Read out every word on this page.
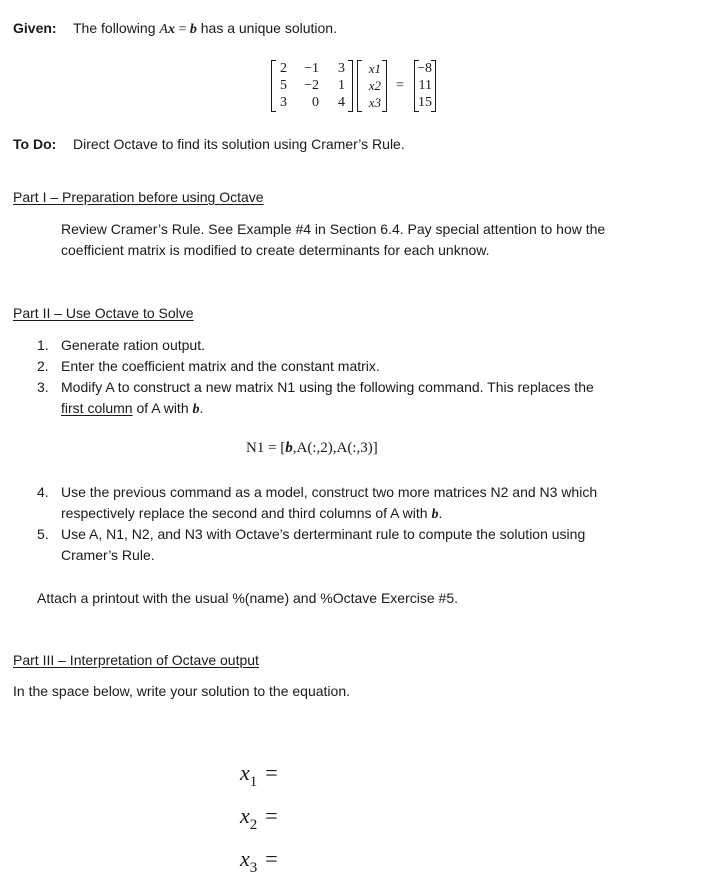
Given: The following Ax = b has a unique solution.
2	−1	3
5	−2	1
3	0	4
x1
x2
x3
=
−8
11
15
To Do: Direct Octave to find its solution using Cramer’s Rule.
Part I – Preparation before using Octave
Review Cramer’s Rule. See Example #4 in Section 6.4. Pay special attention to how the
coefficient matrix is modified to create determinants for each unknow.
Part II – Use Octave to Solve
1. Generate ration output.
2. Enter the coefficient matrix and the constant matrix.
3. Modify A to construct a new matrix N1 using the following command. This replaces the
first column of A with b.
N1 = [b,A(:,2),A(:,3)]
4. Use the previous command as a model, construct two more matrices N2 and N3 which
respectively replace the second and third columns of A with b.
5. Use A, N1, N2, and N3 with Octave’s derterminant rule to compute the solution using
Cramer’s Rule.
Attach a printout with the usual %(name) and %Octave Exercise #5.
Part III – Interpretation of Octave output
In the space below, write your solution to the equation.
x1 =
x2 =
x3 =
